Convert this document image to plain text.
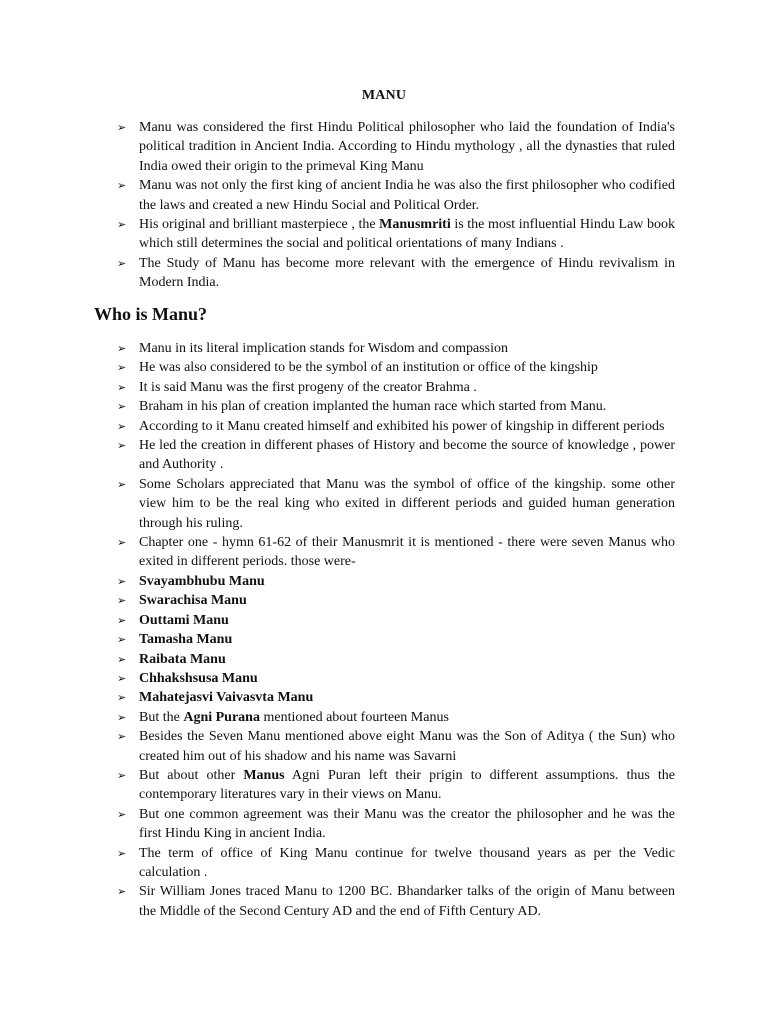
MANU
➢ Manu was considered the first Hindu Political philosopher who laid the foundation of India's political tradition in Ancient India. According to Hindu mythology , all the dynasties that ruled India owed their origin to the primeval King Manu
➢ Manu was not only the first king of ancient India he was also the first philosopher who codified the laws and created a new Hindu Social and Political Order.
➢ His original and brilliant masterpiece , the Manusmriti is the most influential Hindu Law book which still determines the social and political orientations of many Indians .
➢ The Study of Manu has become more relevant with the emergence of Hindu revivalism in Modern India.
Who is Manu?
➢ Manu in its literal implication stands for Wisdom and compassion
➢ He was also considered to be the symbol of an institution or office of the kingship
➢ It is said Manu was the first progeny of the creator Brahma .
➢ Braham in his plan of creation implanted the human race which started from Manu.
➢ According to it Manu created himself and exhibited his power of kingship in different periods
➢ He led the creation in different phases of History and become the source of knowledge , power and Authority .
➢ Some Scholars appreciated that Manu was the symbol of office of the kingship. some other view him to be the real king who exited in different periods and guided human generation through his ruling.
➢ Chapter one - hymn 61-62 of their Manusmrit it is mentioned - there were seven Manus who exited in different periods. those were-
➢ Svayambhubu Manu
➢ Swarachisa Manu
➢ Outtami Manu
➢ Tamasha Manu
➢ Raibata Manu
➢ Chhakshsusa Manu
➢ Mahatejasvi Vaivasvta Manu
➢ But the Agni Purana mentioned about fourteen Manus
➢ Besides the Seven Manu mentioned above eight Manu was the Son of Aditya ( the Sun) who created him out of his shadow and his name was Savarni
➢ But about other Manus Agni Puran left their prigin to different assumptions. thus the contemporary literatures vary in their views on Manu.
➢ But one common agreement was their Manu was the creator the philosopher and he was the first Hindu King in ancient India.
➢ The term of office of King Manu continue for twelve thousand years as per the Vedic calculation .
➢ Sir William Jones traced Manu to 1200 BC. Bhandarker talks of the origin of Manu between the Middle of the Second Century AD and the end of Fifth Century AD.
